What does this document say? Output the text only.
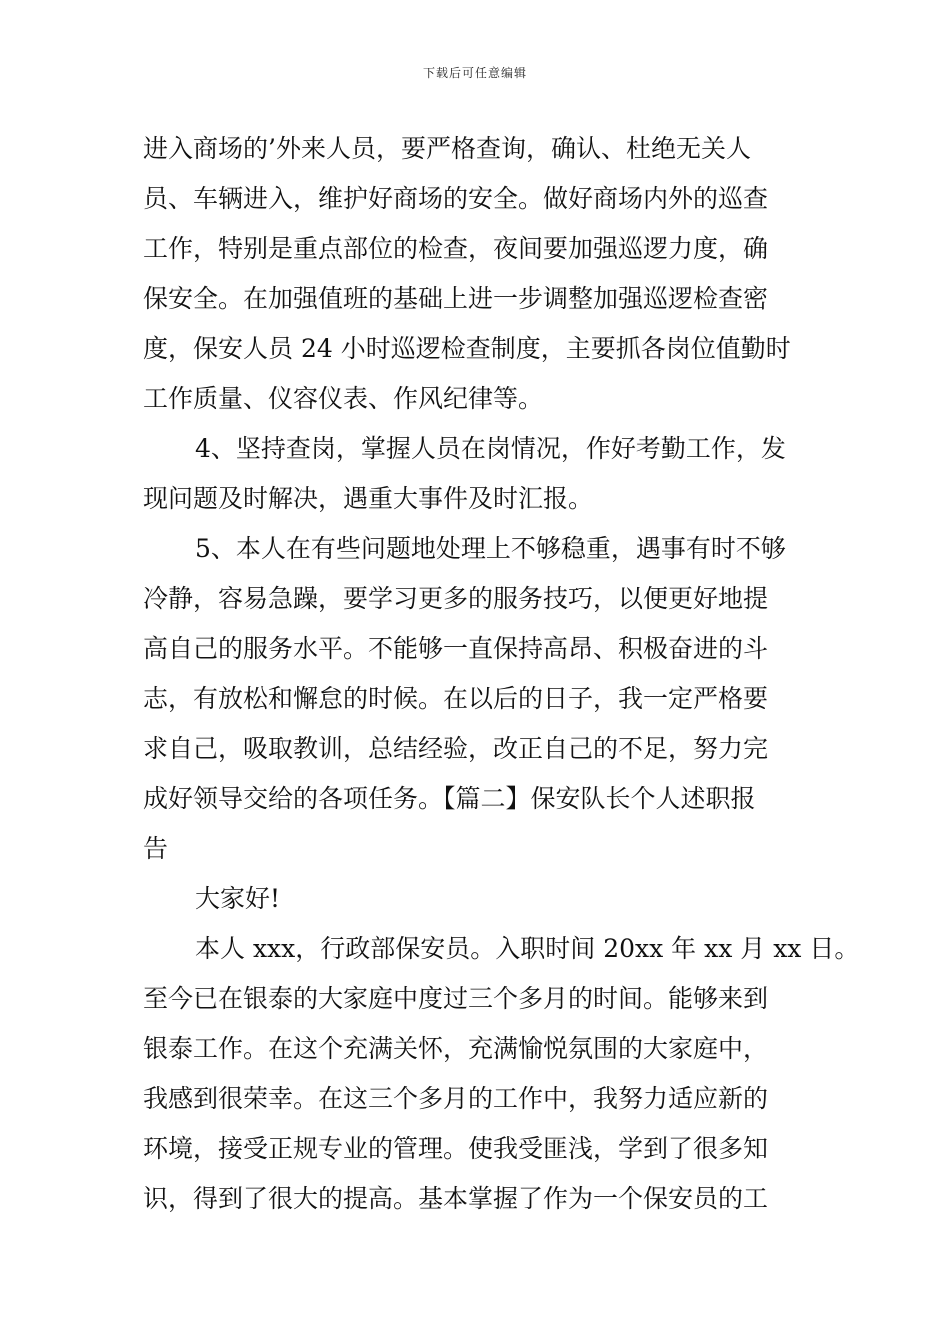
下载后可任意编辑
进入商场的’外来人员，要严格查询，确认、杜绝无关人
员、车辆进入，维护好商场的安全。做好商场内外的巡查
工作，特别是重点部位的检查，夜间要加强巡逻力度，确
保安全。在加强值班的基础上进一步调整加强巡逻检查密
度，保安人员 24 小时巡逻检查制度，主要抓各岗位值勤时
工作质量、仪容仪表、作风纪律等。
4、坚持查岗，掌握人员在岗情况，作好考勤工作，发
现问题及时解决，遇重大事件及时汇报。
5、本人在有些问题地处理上不够稳重，遇事有时不够
冷静，容易急躁，要学习更多的服务技巧，以便更好地提
高自己的服务水平。不能够一直保持高昂、积极奋进的斗
志，有放松和懈怠的时候。在以后的日子，我一定严格要
求自己，吸取教训，总结经验，改正自己的不足，努力完
成好领导交给的各项任务。【篇二】保安队长个人述职报
告
大家好!
本人 xxx，行政部保安员。入职时间 20xx 年 xx 月 xx 日。
至今已在银泰的大家庭中度过三个多月的时间。能够来到
银泰工作。在这个充满关怀，充满愉悦氛围的大家庭中，
我感到很荣幸。在这三个多月的工作中，我努力适应新的
环境，接受正规专业的管理。使我受匪浅，学到了很多知
识，得到了很大的提高。基本掌握了作为一个保安员的工
